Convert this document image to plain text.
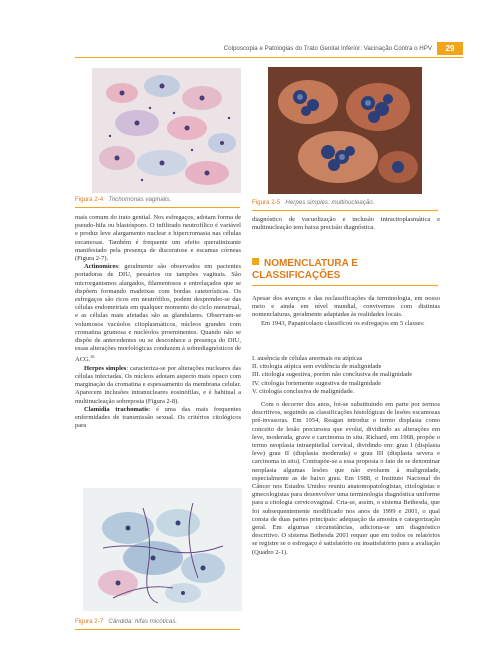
Colposcopia e Patologias do Trato Genital Inferior: Vacinação Contra o HPV	29
Figura 2-4 Trichomonas vaginalis.	Figura 2-5 Herpes simples: multinucleação.

mais comum do trato genital. Nos esfregaços, adotam forma de pseudo-hifa ou blastósporo. O infiltrado neutrofílico é variável e produz leve alargamento nuclear e hipercromasia nas células escamosas. Também é frequente um efeito queratinizante manifestado pela presença de disceratose e escamas córneas (Figura 2-7).

Actinomices: geralmente são observados em pacientes portadoras de DIU, pessários ou tampões vaginais. São microrganismos alargados, filamentosos e entrelaçados que se dispõem formando madeixas com bordas cateterísticas. Os esfregaços são ricos em neutrófilos, podem desprender-se das células endometriais em qualquer momento do ciclo menstrual, e as células mais afetadas são as glandulares. Observam-se volumosos vacúolos citoplasmáticos, núcleos grandes com cromatina grumosa e nucléolos proeminentes. Quando não se dispõe de antecedentes ou se desconhece a presença do DIU, essas alterações morfológicas conduzem à sobrediagnósticos de ACG.$^{26}$

Herpes simples: caracteriza-se por alterações nucleares das células infectadas. Os núcleos adotam aspecto mais opaco com marginação da cromatina e espessamento da membrana celular. Aparecem inclusões intranucleares eosinófilas, e é habitual a multinucleação sobreposta (Figura 2-8).

Clamídia trachomatis: é uma das mais frequentes enfermidades de transmissão sexual. Os critérios citológicos para

Figura 2-7 Cândida: hifas micóticas.

diagnóstico de vacuolização e inclusão intracitoplasmática e multinucleação tem baixa precisão diagnóstica.

NOMENCLATURA E
CLASSIFICAÇÕES

Apesar dos avanços e das reclassificações da terminologia, em nosso meio e ainda em nível mundial, convivemos com distintas nomenclaturas, geralmente adaptadas às realidades locais.

Em 1943, Papanicolaou classificou os esfregaços em 5 classes:

I. ausência de células anormais ou atípicas
II. citologia atípica sem evidência de malignidade
III. citologia sugestiva, porém não conclusiva de malignidade
IV. citologia fortemente sugestiva de malignidade
V. citologia conclusiva de malignidade.

Com o decorrer dos anos, foi-se substituindo em parte por termos descritivos, seguindo as classificações histológicas de lesões escamosas pré-invasoras. Em 1954, Reagan introduz o termo displasia como conceito de lesão precursora que evolui, dividindo as alterações em leve, moderada, grave e carcinoma in situ. Richard, em 1968, propõe o termo neoplasia intraepitelial cervical, dividindo em: grau I (displasia leve) grau II (displasia moderada) e grau III (displasia severa e carcinoma in situ). Contrapõe-se a essa proposta o fato de se denominar neoplasia algumas lesões que não evoluem à malignidade, especialmente as de baixo grau. Em 1988, o Instituto Nacional do Câncer nos Estados Unidos reuniu anatomopatologistas, citologistas e ginecologistas para desenvolver uma terminologia diagnóstica uniforme para a citologia cervicovaginal. Cria-se, assim, o sistema Bethesda, que foi subsequentemente modificado nos anos de 1999 e 2001, o qual consta de duas partes principais: adequação da amostra e categorização geral. Em algumas circunstâncias, adiciona-se um diagnóstico descritivo. O sistema Bethesda 2001 requer que em todos os relatórios se registre se o esfregaço é satisfatório ou insatisfatório para a avaliação (Quadro 2-1).
